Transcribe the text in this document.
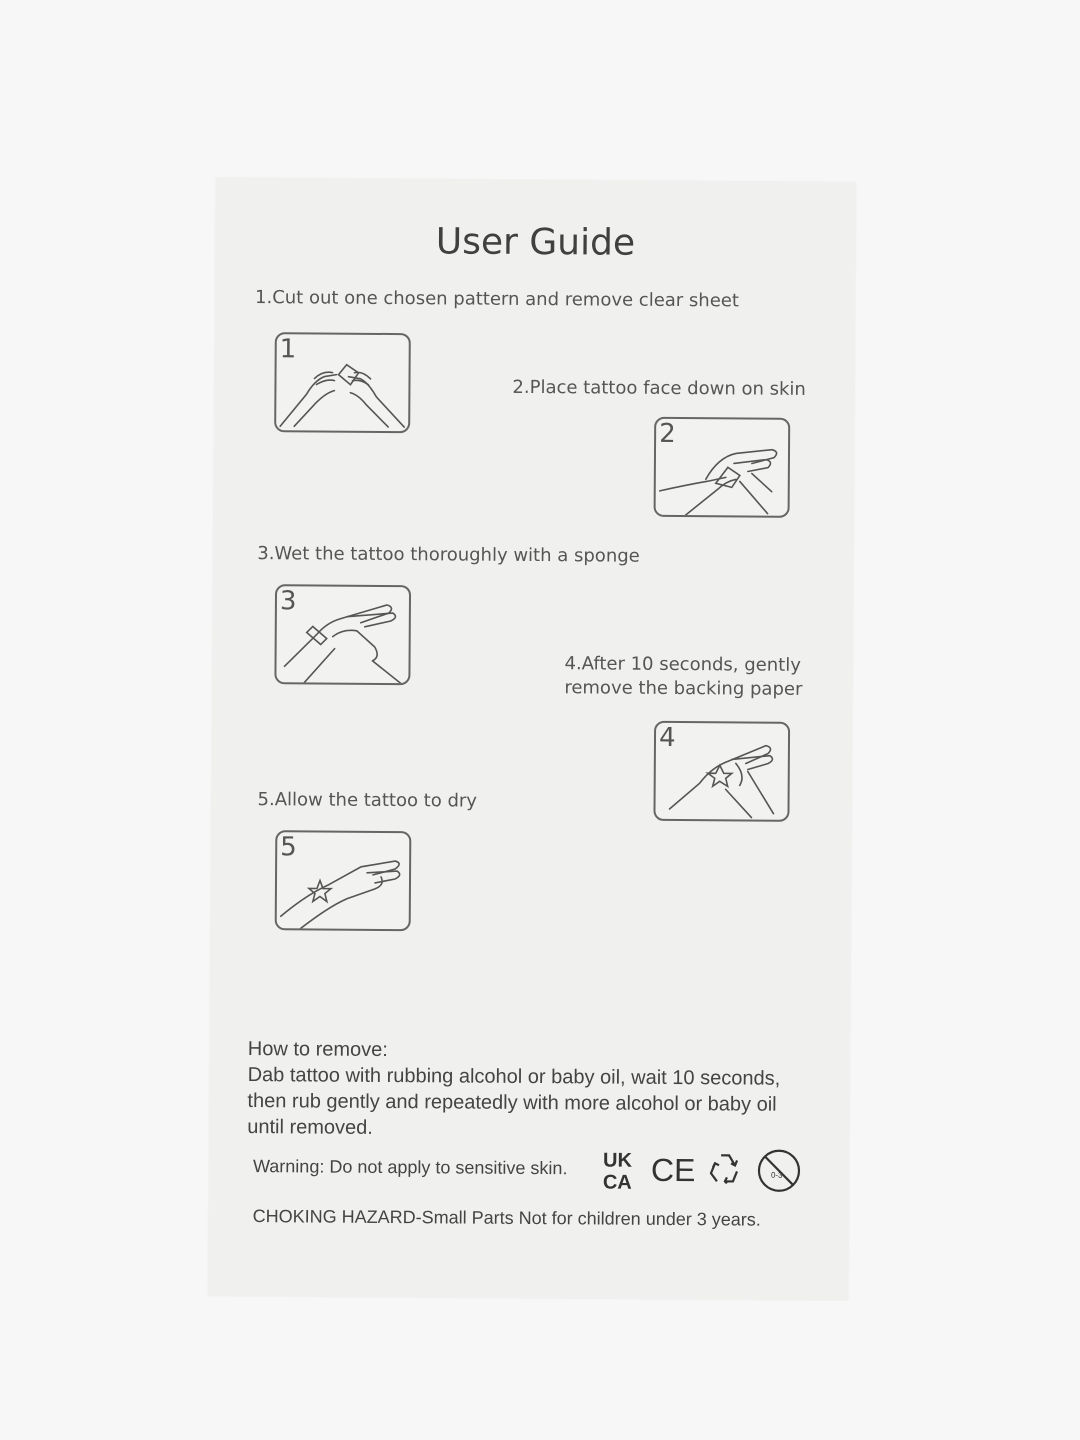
User Guide
1.Cut out one chosen pattern and remove clear sheet
1
2.Place tattoo face down on skin
2
3.Wet the tattoo thoroughly with a sponge
3
4.After 10 seconds, gently
remove the backing paper
4
5.Allow the tattoo to dry
5
How to remove:
Dab tattoo with rubbing alcohol or baby oil, wait 10 seconds,
then rub gently and repeatedly with more alcohol or baby oil
until removed.
Warning: Do not apply to sensitive skin. UK
CA CE	0-3
CHOKING HAZARD-Small Parts Not for children under 3 years.
